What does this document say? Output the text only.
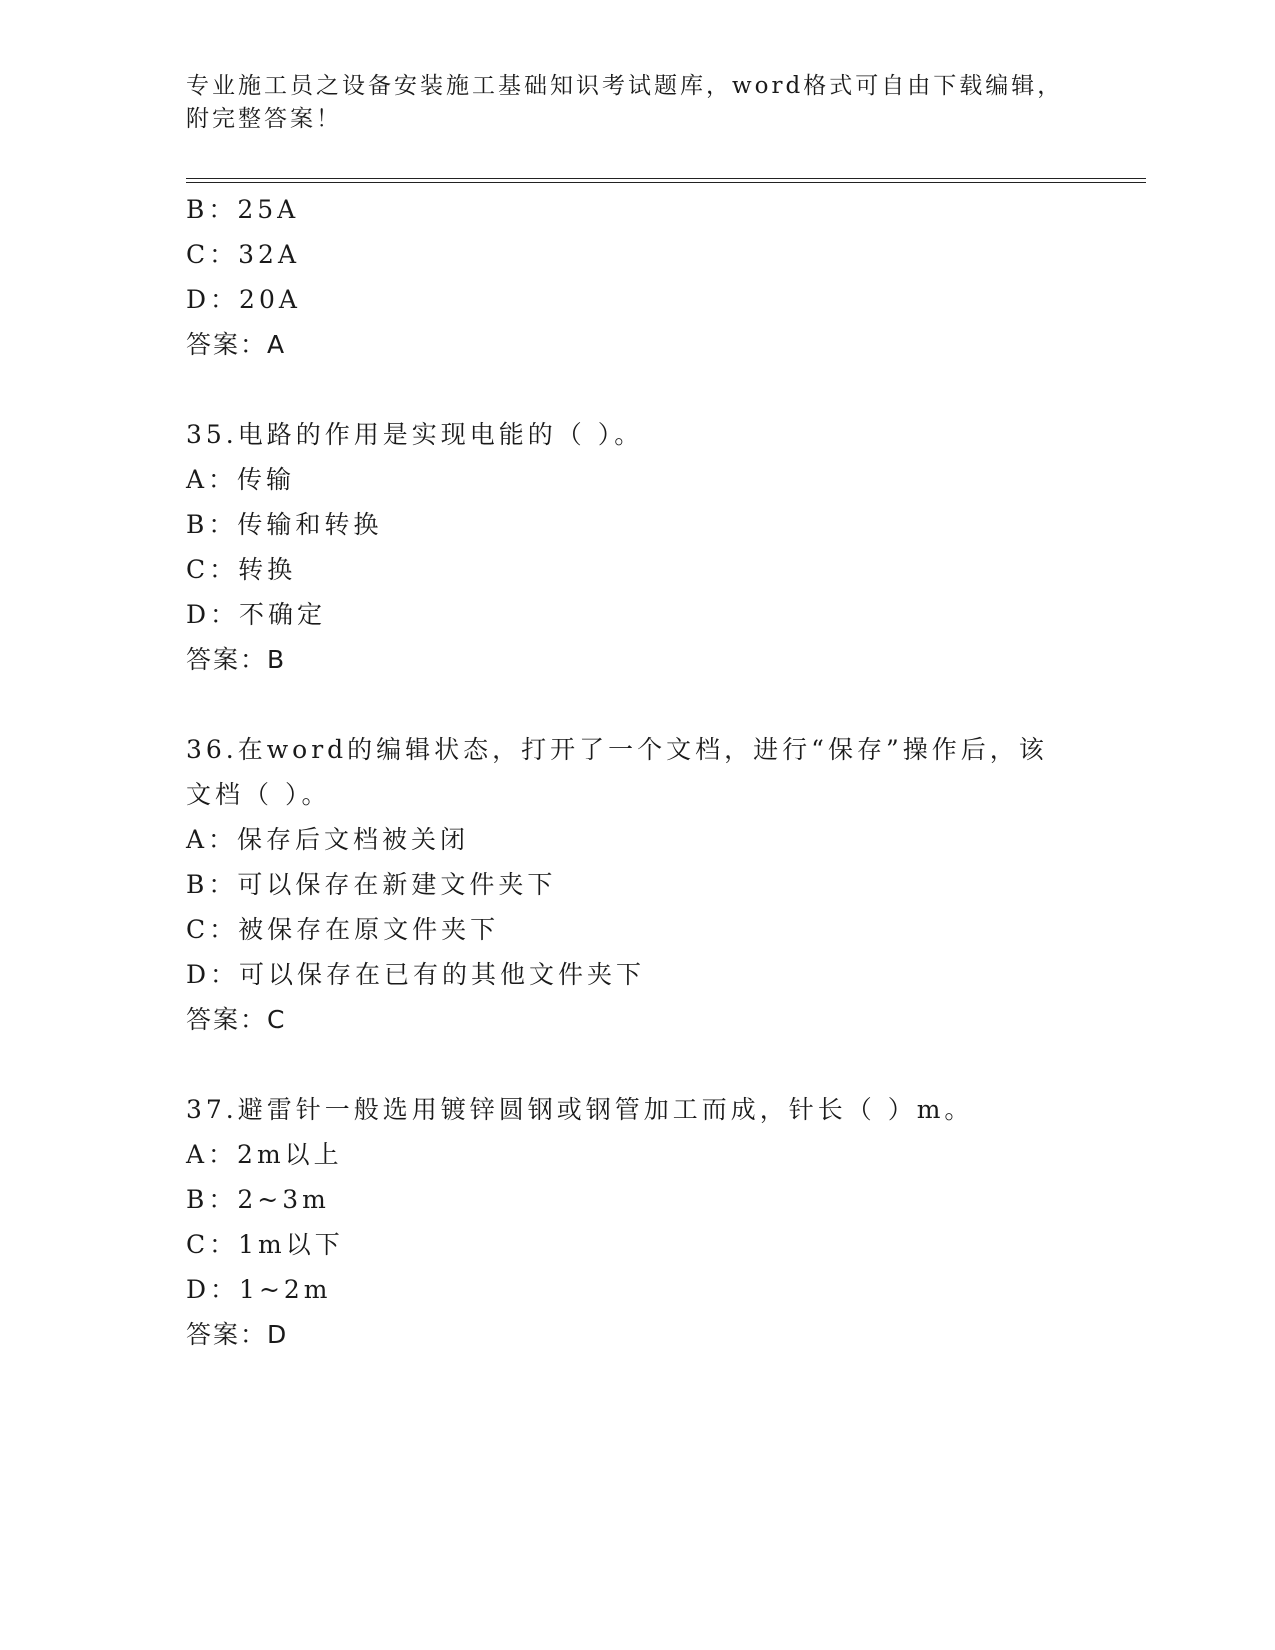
专业施工员之设备安装施工基础知识考试题库，word格式可自由下载编辑，附完整答案！
B：25A
C：32A
D：20A
答案：A
35.电路的作用是实现电能的（ ）。
A：传输
B：传输和转换
C：转换
D：不确定
答案：B
36.在word的编辑状态，打开了一个文档，进行“保存”操作后，该
文档（ ）。
A：保存后文档被关闭
B：可以保存在新建文件夹下
C：被保存在原文件夹下
D：可以保存在已有的其他文件夹下
答案：C
37.避雷针一般选用镀锌圆钢或钢管加工而成，针长（ ）m。
A：2m以上
B：2~3m
C：1m以下
D：1~2m
答案：D
